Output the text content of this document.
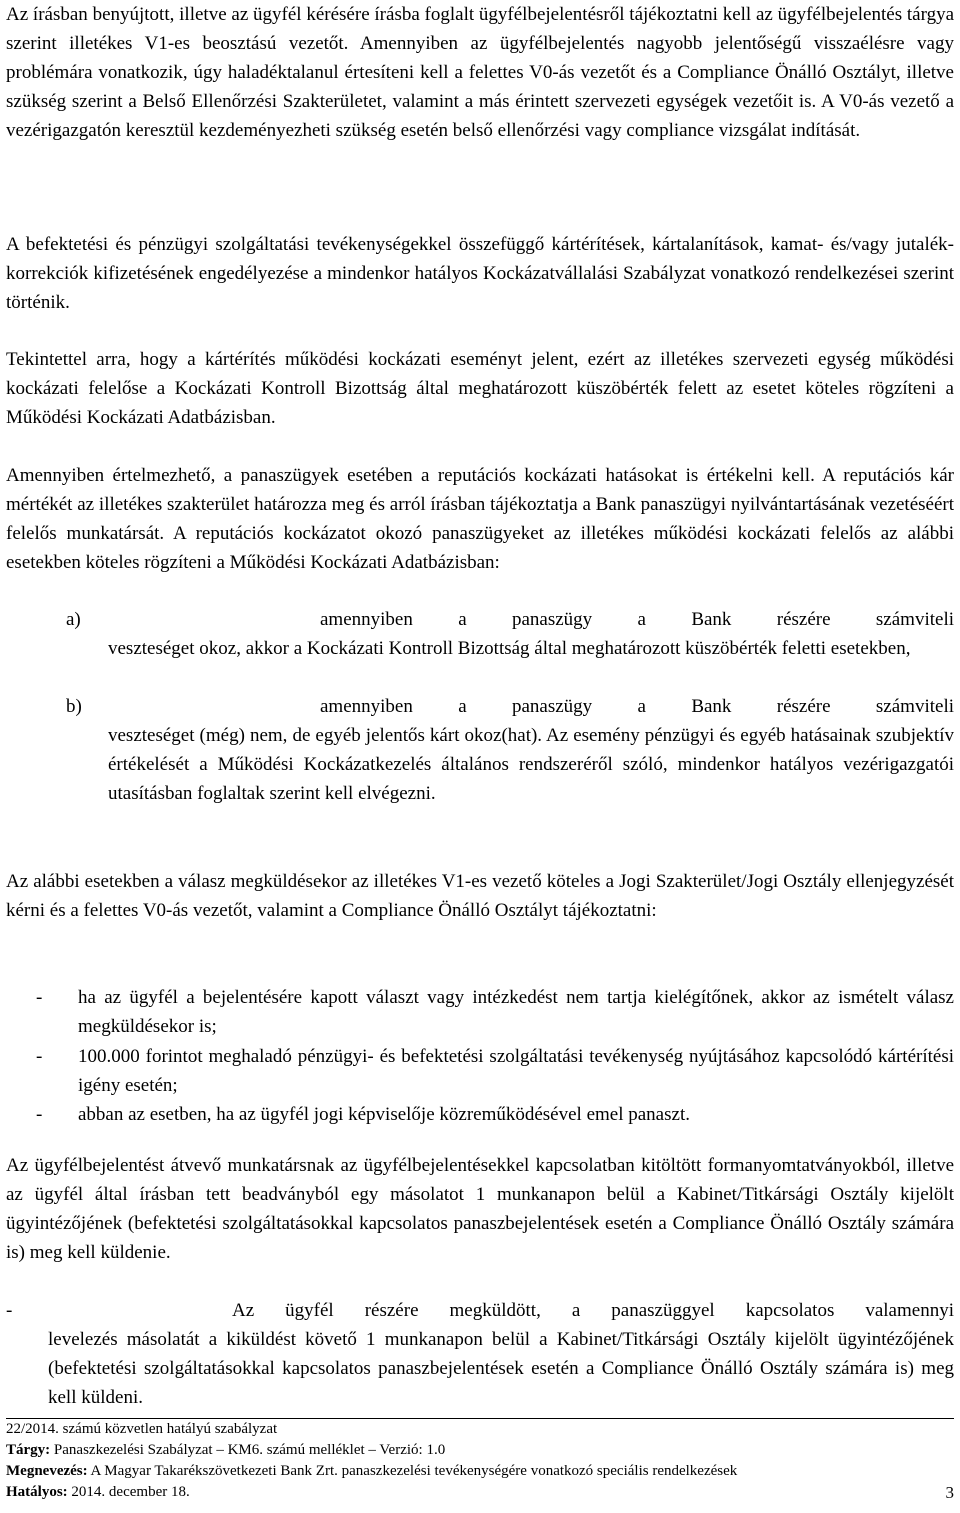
Az írásban benyújtott, illetve az ügyfél kérésére írásba foglalt ügyfélbejelentésről tájékoztatni kell az ügyfélbejelentés tárgya szerint illetékes V1-es beosztású vezetőt. Amennyiben az ügyfélbejelentés nagyobb jelentőségű visszaélésre vagy problémára vonatkozik, úgy haladéktalanul értesíteni kell a felettes V0-ás vezetőt és a Compliance Önálló Osztályt, illetve szükség szerint a Belső Ellenőrzési Szakterületet, valamint a más érintett szervezeti egységek vezetőit is. A V0-ás vezető a vezérigazgatón keresztül kezdeményezheti szükség esetén belső ellenőrzési vagy compliance vizsgálat indítását.

A befektetési és pénzügyi szolgáltatási tevékenységekkel összefüggő kártérítések, kártalanítások, kamat- és/vagy jutalék-korrekciók kifizetésének engedélyezése a mindenkor hatályos Kockázatvállalási Szabályzat vonatkozó rendelkezései szerint történik.

Tekintettel arra, hogy a kártérítés működési kockázati eseményt jelent, ezért az illetékes szervezeti egység működési kockázati felelőse a Kockázati Kontroll Bizottság által meghatározott küszöbérték felett az esetet köteles rögzíteni a Működési Kockázati Adatbázisban.

Amennyiben értelmezhető, a panaszügyek esetében a reputációs kockázati hatásokat is értékelni kell. A reputációs kár mértékét az illetékes szakterület határozza meg és arról írásban tájékoztatja a Bank panaszügyi nyilvántartásának vezetéséért felelős munkatársát. A reputációs kockázatot okozó panaszügyeket az illetékes működési kockázati felelős az alábbi esetekben köteles rögzíteni a Működési Kockázati Adatbázisban:

a)	amennyiben a panaszügy a Bank részére számviteli

veszteséget okoz, akkor a Kockázati Kontroll Bizottság által meghatározott küszöbérték feletti esetekben,

b)	amennyiben a panaszügy a Bank részére számviteli

veszteséget (még) nem, de egyéb jelentős kárt okoz(hat). Az esemény pénzügyi és egyéb hatásainak szubjektív értékelését a Működési Kockázatkezelés általános rendszeréről szóló, mindenkor hatályos vezérigazgatói utasításban foglaltak szerint kell elvégezni.

Az alábbi esetekben a válasz megküldésekor az illetékes V1-es vezető köteles a Jogi Szakterület/Jogi Osztály ellenjegyzését kérni és a felettes V0-ás vezetőt, valamint a Compliance Önálló Osztályt tájékoztatni:

- ha az ügyfél a bejelentésére kapott választ vagy intézkedést nem tartja kielégítőnek, akkor az ismételt válasz megküldésekor is;

- 100.000 forintot meghaladó pénzügyi- és befektetési szolgáltatási tevékenység nyújtásához kapcsolódó kártérítési igény esetén;

- abban az esetben, ha az ügyfél jogi képviselője közreműködésével emel panaszt.

Az ügyfélbejelentést átvevő munkatársnak az ügyfélbejelentésekkel kapcsolatban kitöltött formanyomtatványokból, illetve az ügyfél által írásban tett beadványból egy másolatot 1 munkanapon belül a Kabinet/Titkársági Osztály kijelölt ügyintézőjének (befektetési szolgáltatásokkal kapcsolatos panaszbejelentések esetén a Compliance Önálló Osztály számára is) meg kell küldenie.

-	Az ügyfél részére megküldött, a panaszüggyel kapcsolatos valamennyi

levelezés másolatát a kiküldést követő 1 munkanapon belül a Kabinet/Titkársági Osztály kijelölt ügyintézőjének (befektetési szolgáltatásokkal kapcsolatos panaszbejelentések esetén a Compliance Önálló Osztály számára is) meg kell küldeni.

22/2014. számú közvetlen hatályú szabályzat
Tárgy: Panaszkezelési Szabályzat – KM6. számú melléklet – Verzió: 1.0
Megnevezés: A Magyar Takarékszövetkezeti Bank Zrt. panaszkezelési tevékenységére vonatkozó speciális rendelkezések
Hatályos: 2014. december 18.	3
